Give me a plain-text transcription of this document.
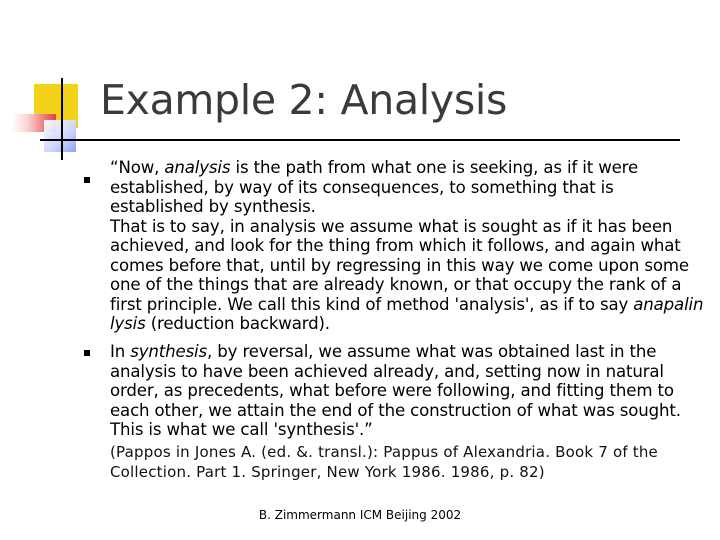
Example 2: Analysis
“Now, analysis is the path from what one is seeking, as if it were established, by way of its consequences, to something that is established by synthesis.
That is to say, in analysis we assume what is sought as if it has been achieved, and look for the thing from which it follows, and again what comes before that, until by regressing in this way we come upon some one of the things that are already known, or that occupy the rank of a first principle. We call this kind of method 'analysis', as if to say anapalin lysis (reduction backward).
In synthesis, by reversal, we assume what was obtained last in the analysis to have been achieved already, and, setting now in natural order, as precedents, what before were following, and fitting them to each other, we attain the end of the construction of what was sought. This is what we call 'synthesis'.”
(Pappos in Jones A. (ed. &. transl.): Pappus of Alexandria. Book 7 of the Collection. Part 1. Springer, New York 1986. 1986, p. 82)
B. Zimmermann ICM Beijing 2002
